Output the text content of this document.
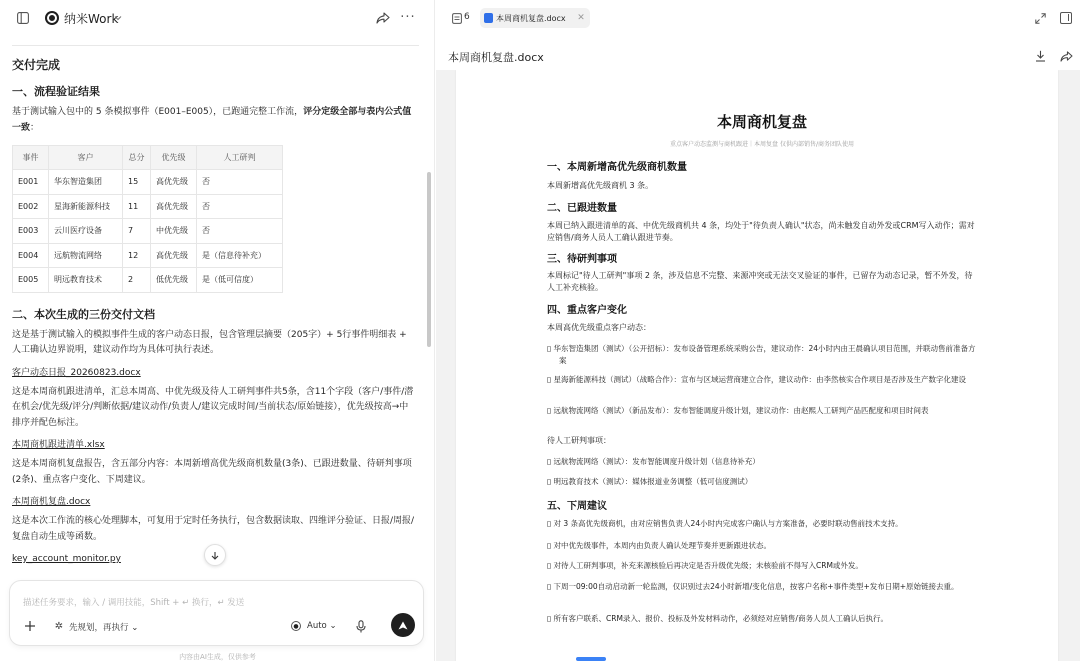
纳米Work	···
交付完成
一、流程验证结果

基于测试输入包中的 5 条模拟事件（E001–E005），已跑通完整工作流，评分定级全部与表内公式值一致：

事件	客户	总分	优先级	人工研判
E001	华东智造集团	15	高优先级	否
E002	星海新能源科技	11	高优先级	否
E003	云川医疗设备	7	中优先级	否
E004	远航物流网络	12	高优先级	是（信息待补充）
E005	明远教育技术	2	低优先级	是（低可信度）
二、本次生成的三份交付文档

这是基于测试输入的模拟事件生成的客户动态日报，包含管理层摘要（205字）+ 5行事件明细表 + 人工确认边界说明，建议动作均为具体可执行表述。

客户动态日报_20260823.docx

这是本周商机跟进清单，汇总本周高、中优先级及待人工研判事件共5条，含11个字段（客户/事件/潜在机会/优先级/评分/判断依据/建议动作/负责人/建议完成时间/当前状态/原始链接），优先级按高→中排序并配色标注。

本周商机跟进清单.xlsx

这是本周商机复盘报告，含五部分内容：本周新增高优先级商机数量(3条)、已跟进数量、待研判事项(2条)、重点客户变化、下周建议。

本周商机复盘.docx

这是本次工作流的核心处理脚本，可复用于定时任务执行，包含数据读取、四维评分验证、日报/周报/复盘自动生成等函数。

key_account_monitor.py
描述任务要求，输入 / 调用技能，Shift + ↵ 换行，↵ 发送
✲ 先规划，再执行 ⌄	● Auto ⌄
内容由AI生成，仅供参考
6	本周商机复盘.docx ✕
本周商机复盘.docx
本周商机复盘
重点客户动态监测与商机跟进｜本周复盘 仅供内部销售/商务团队使用
一、本周新增高优先级商机数量
本周新增高优先级商机 3 条。
二、已跟进数量
本周已纳入跟进清单的高、中优先级商机共 4 条，均处于"待负责人确认"状态，尚未触发自动外发或CRM写入动作；需对应销售/商务人员人工确认跟进节奏。
三、待研判事项
本周标记"待人工研判"事项 2 条，涉及信息不完整、来源冲突或无法交叉验证的事件，已留存为动态记录，暂不外发，待人工补充核验。
四、重点客户变化
本周高优先级重点客户动态：
▯ 华东智造集团（测试）（公开招标）：发布设备管理系统采购公告，建议动作：24小时内由王晨确认项目范围，并联动售前准备方案
▯ 星海新能源科技（测试）（战略合作）：宣布与区域运营商建立合作，建议动作：由李然核实合作项目是否涉及生产数字化建设
▯ 远航物流网络（测试）（新品发布）：发布智能调度升级计划，建议动作：由赵熙人工研判产品匹配度和项目时间表
待人工研判事项：
▯ 远航物流网络（测试）：发布智能调度升级计划（信息待补充）
▯ 明远教育技术（测试）：媒体报道业务调整（低可信度测试）
五、下周建议
▯ 对 3 条高优先级商机，由对应销售负责人24小时内完成客户确认与方案准备，必要时联动售前技术支持。
▯ 对中优先级事件，本周内由负责人确认处理节奏并更新跟进状态。
▯ 对待人工研判事项，补充来源核验后再决定是否升级优先级；未核验前不得写入CRM或外发。
▯ 下周一09:00自动启动新一轮监测，仅识别过去24小时新增/变化信息，按客户名称+事件类型+发布日期+原始链接去重。
▯ 所有客户联系、CRM录入、报价、投标及外发材料动作，必须经对应销售/商务人员人工确认后执行。
